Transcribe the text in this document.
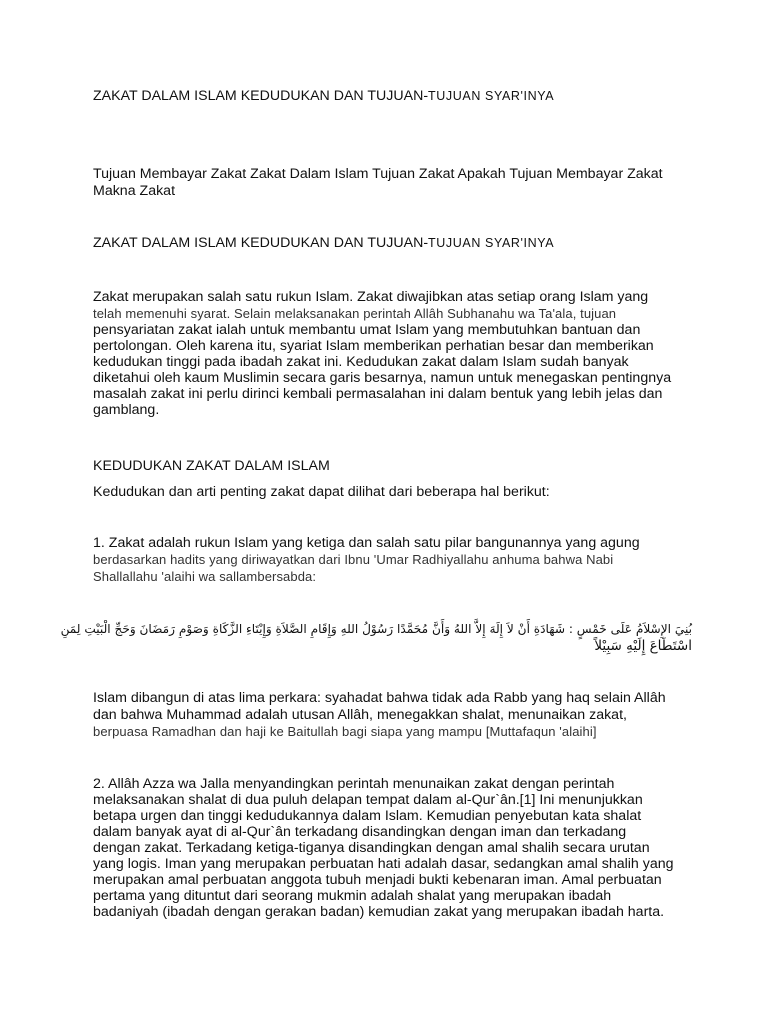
ZAKAT DALAM ISLAM KEDUDUKAN DAN TUJUAN-TUJUAN SYAR'INYA
Tujuan Membayar Zakat Zakat Dalam Islam Tujuan Zakat Apakah Tujuan Membayar Zakat
Makna Zakat
ZAKAT DALAM ISLAM KEDUDUKAN DAN TUJUAN-TUJUAN SYAR'INYA
Zakat merupakan salah satu rukun Islam. Zakat diwajibkan atas setiap orang Islam yang
telah memenuhi syarat. Selain melaksanakan perintah Allâh Subhanahu wa Ta'ala, tujuan
pensyariatan zakat ialah untuk membantu umat Islam yang membutuhkan bantuan dan
pertolongan. Oleh karena itu, syariat Islam memberikan perhatian besar dan memberikan
kedudukan tinggi pada ibadah zakat ini. Kedudukan zakat dalam Islam sudah banyak
diketahui oleh kaum Muslimin secara garis besarnya, namun untuk menegaskan pentingnya
masalah zakat ini perlu dirinci kembali permasalahan ini dalam bentuk yang lebih jelas dan
gamblang.
KEDUDUKAN ZAKAT DALAM ISLAM
Kedudukan dan arti penting zakat dapat dilihat dari beberapa hal berikut:
1. Zakat adalah rukun Islam yang ketiga dan salah satu pilar bangunannya yang agung
berdasarkan hadits yang diriwayatkan dari Ibnu 'Umar Radhiyallahu anhuma bahwa Nabi
Shallallahu 'alaihi wa sallambersabda:
بُنِيَ الإِسْلاَمُ عَلَى خَمْسٍ : شَهَادَةِ أَنْ لاَ إِلَهَ إِلاَّ اللهُ وَأَنَّ مُحَمَّدًا رَسُوْلُ اللهِ وَإِقَامِ الصَّلاَةِ وَإِيْتَاءِ الزَّكَاةِ وَصَوْمِ رَمَضَانَ وَحَجِّ الْبَيْتِ لِمَنِ
اسْتَطَاعَ إِلَيْهِ سَبِيْلاً
Islam dibangun di atas lima perkara: syahadat bahwa tidak ada Rabb yang haq selain Allâh
dan bahwa Muhammad adalah utusan Allâh, menegakkan shalat, menunaikan zakat,
berpuasa Ramadhan dan haji ke Baitullah bagi siapa yang mampu [Muttafaqun 'alaihi]
2. Allâh Azza wa Jalla menyandingkan perintah menunaikan zakat dengan perintah
melaksanakan shalat di dua puluh delapan tempat dalam al-Qur`ân.[1] Ini menunjukkan
betapa urgen dan tinggi kedudukannya dalam Islam. Kemudian penyebutan kata shalat
dalam banyak ayat di al-Qur`ân terkadang disandingkan dengan iman dan terkadang
dengan zakat. Terkadang ketiga-tiganya disandingkan dengan amal shalih secara urutan
yang logis. Iman yang merupakan perbuatan hati adalah dasar, sedangkan amal shalih yang
merupakan amal perbuatan anggota tubuh menjadi bukti kebenaran iman. Amal perbuatan
pertama yang dituntut dari seorang mukmin adalah shalat yang merupakan ibadah
badaniyah (ibadah dengan gerakan badan) kemudian zakat yang merupakan ibadah harta.
